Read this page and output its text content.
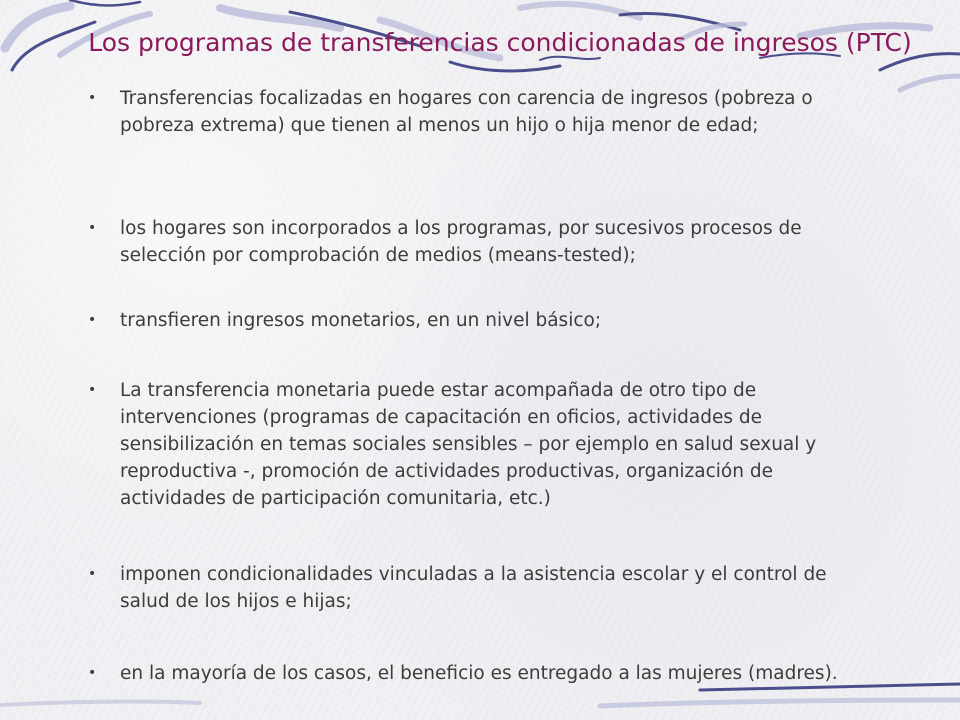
Los programas de transferencias condicionadas de ingresos (PTC)

• Transferencias focalizadas en hogares con carencia de ingresos (pobreza o pobreza extrema) que tienen al menos un hijo o hija menor de edad;

• los hogares son incorporados a los programas, por sucesivos procesos de selección por comprobación de medios (means-tested);

• transfieren ingresos monetarios, en un nivel básico;

• La transferencia monetaria puede estar acompañada de otro tipo de intervenciones (programas de capacitación en oficios, actividades de sensibilización en temas sociales sensibles – por ejemplo en salud sexual y reproductiva -, promoción de actividades productivas, organización de actividades de participación comunitaria, etc.)

• imponen condicionalidades vinculadas a la asistencia escolar y el control de salud de los hijos e hijas;

• en la mayoría de los casos, el beneficio es entregado a las mujeres (madres).
